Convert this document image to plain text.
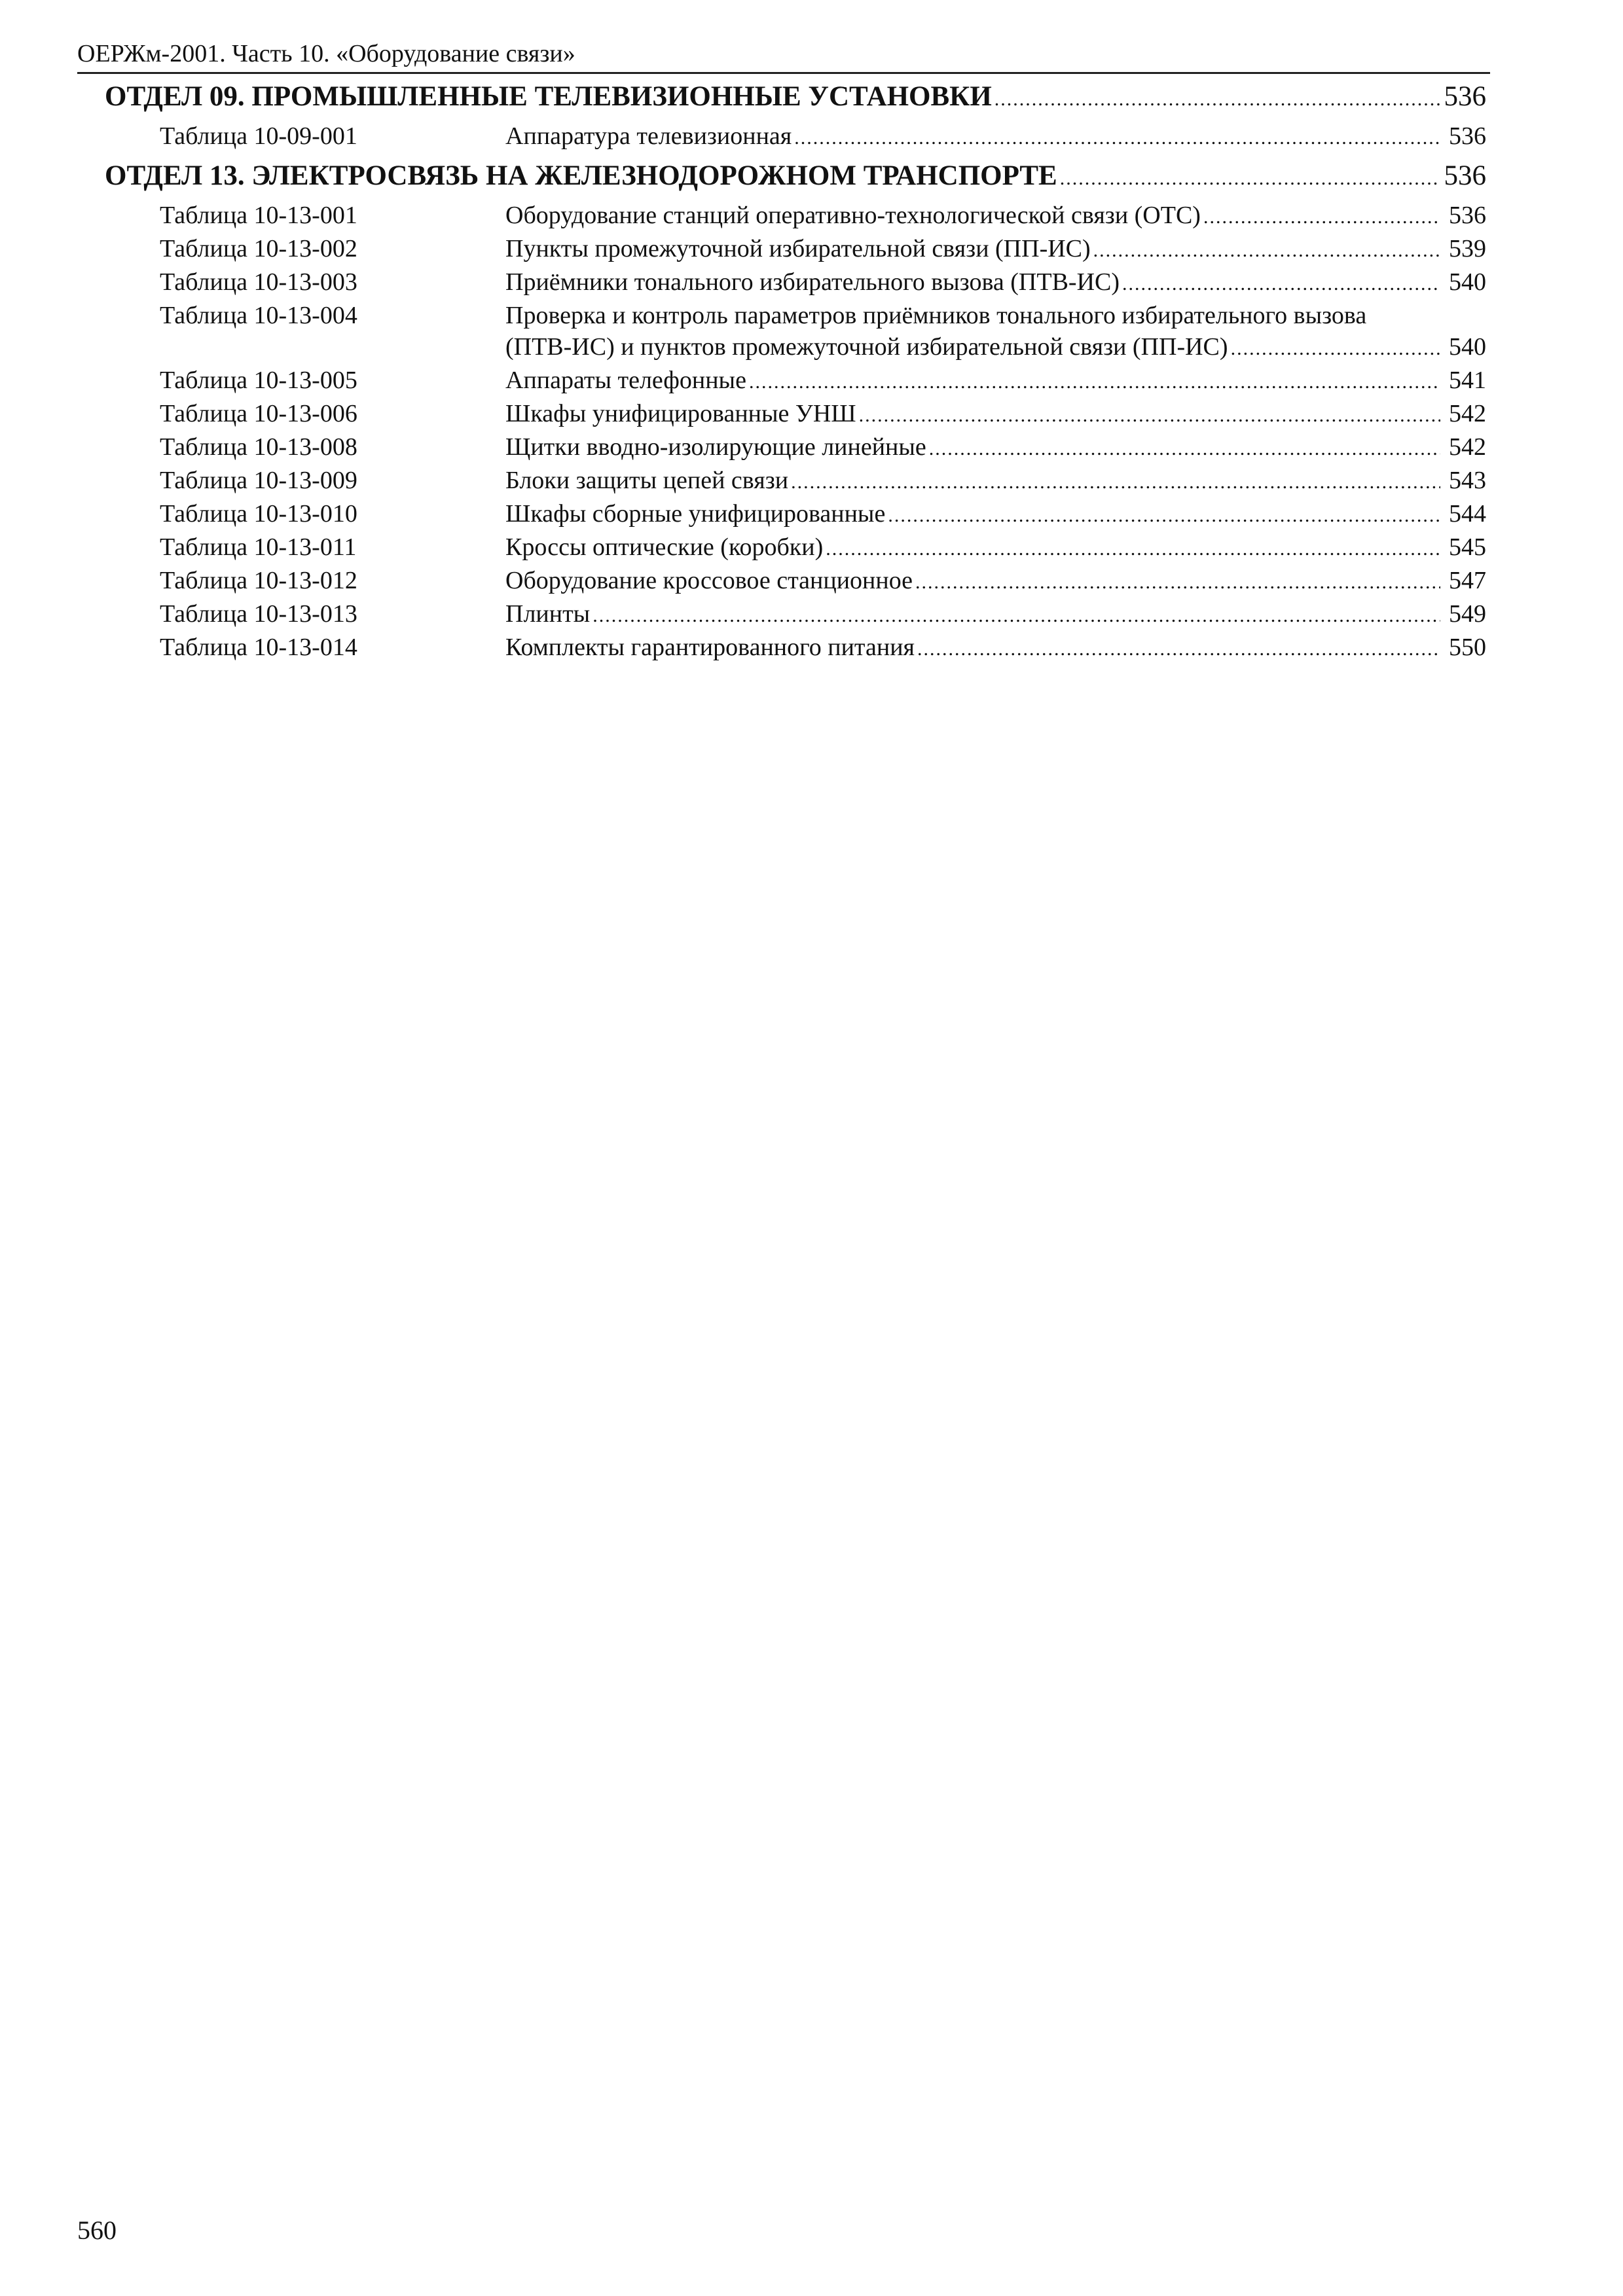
ОЕРЖм-2001. Часть 10. «Оборудование связи»
ОТДЕЛ 09. ПРОМЫШЛЕННЫЕ ТЕЛЕВИЗИОННЫЕ УСТАНОВКИ .....	536
Таблица 10-09-001	Аппаратура телевизионная .....	536
ОТДЕЛ 13. ЭЛЕКТРОСВЯЗЬ НА ЖЕЛЕЗНОДОРОЖНОМ ТРАНСПОРТЕ .....	536
Таблица 10-13-001	Оборудование станций оперативно-технологической связи (ОТС) .....	536
Таблица 10-13-002	Пункты промежуточной избирательной связи (ПП-ИС) .....	539
Таблица 10-13-003	Приёмники тонального избирательного вызова (ПТВ-ИС) .....	540
Таблица 10-13-004	Проверка и контроль параметров приёмников тонального избирательного вызова
(ПТВ-ИС) и пунктов промежуточной избирательной связи (ПП-ИС) .....	540
Таблица 10-13-005	Аппараты телефонные .....	541
Таблица 10-13-006	Шкафы унифицированные УНШ .....	542
Таблица 10-13-008	Щитки вводно-изолирующие линейные .....	542
Таблица 10-13-009	Блоки защиты цепей связи .....	543
Таблица 10-13-010	Шкафы сборные унифицированные .....	544
Таблица 10-13-011	Кроссы оптические (коробки) .....	545
Таблица 10-13-012	Оборудование кроссовое станционное .....	547
Таблица 10-13-013	Плинты .....	549
Таблица 10-13-014	Комплекты гарантированного питания .....	550
560
